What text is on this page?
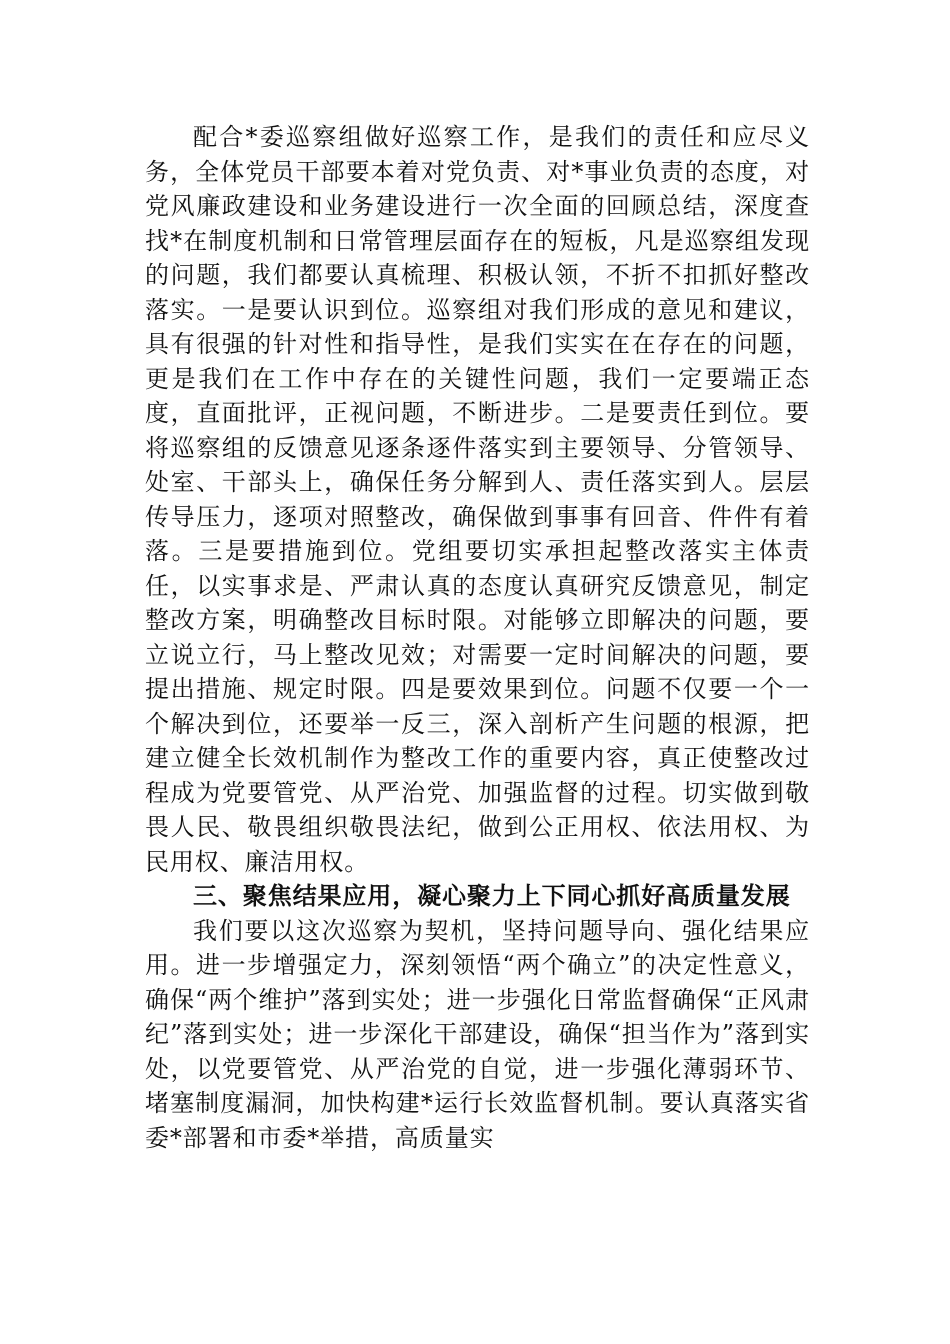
配合*委巡察组做好巡察工作，是我们的责任和应尽义务，全体党员干部要本着对党负责、对*事业负责的态度，对党风廉政建设和业务建设进行一次全面的回顾总结，深度查找*在制度机制和日常管理层面存在的短板，凡是巡察组发现的问题，我们都要认真梳理、积极认领，不折不扣抓好整改落实。一是要认识到位。巡察组对我们形成的意见和建议，具有很强的针对性和指导性，是我们实实在在存在的问题，更是我们在工作中存在的关键性问题，我们一定要端正态度，直面批评，正视问题，不断进步。二是要责任到位。要将巡察组的反馈意见逐条逐件落实到主要领导、分管领导、处室、干部头上，确保任务分解到人、责任落实到人。层层传导压力，逐项对照整改，确保做到事事有回音、件件有着落。三是要措施到位。党组要切实承担起整改落实主体责任，以实事求是、严肃认真的态度认真研究反馈意见，制定整改方案，明确整改目标时限。对能够立即解决的问题，要立说立行，马上整改见效；对需要一定时间解决的问题，要提出措施、规定时限。四是要效果到位。问题不仅要一个一个解决到位，还要举一反三，深入剖析产生问题的根源，把建立健全长效机制作为整改工作的重要内容，真正使整改过程成为党要管党、从严治党、加强监督的过程。切实做到敬畏人民、敬畏组织敬畏法纪，做到公正用权、依法用权、为民用权、廉洁用权。

三、聚焦结果应用，凝心聚力上下同心抓好高质量发展

我们要以这次巡察为契机，坚持问题导向、强化结果应用。进一步增强定力，深刻领悟“两个确立”的决定性意义，确保“两个维护”落到实处；进一步强化日常监督确保“正风肃纪”落到实处；进一步深化干部建设，确保“担当作为”落到实处，以党要管党、从严治党的自觉，进一步强化薄弱环节、堵塞制度漏洞，加快构建*运行长效监督机制。要认真落实省委*部署和市委*举措，高质量实
